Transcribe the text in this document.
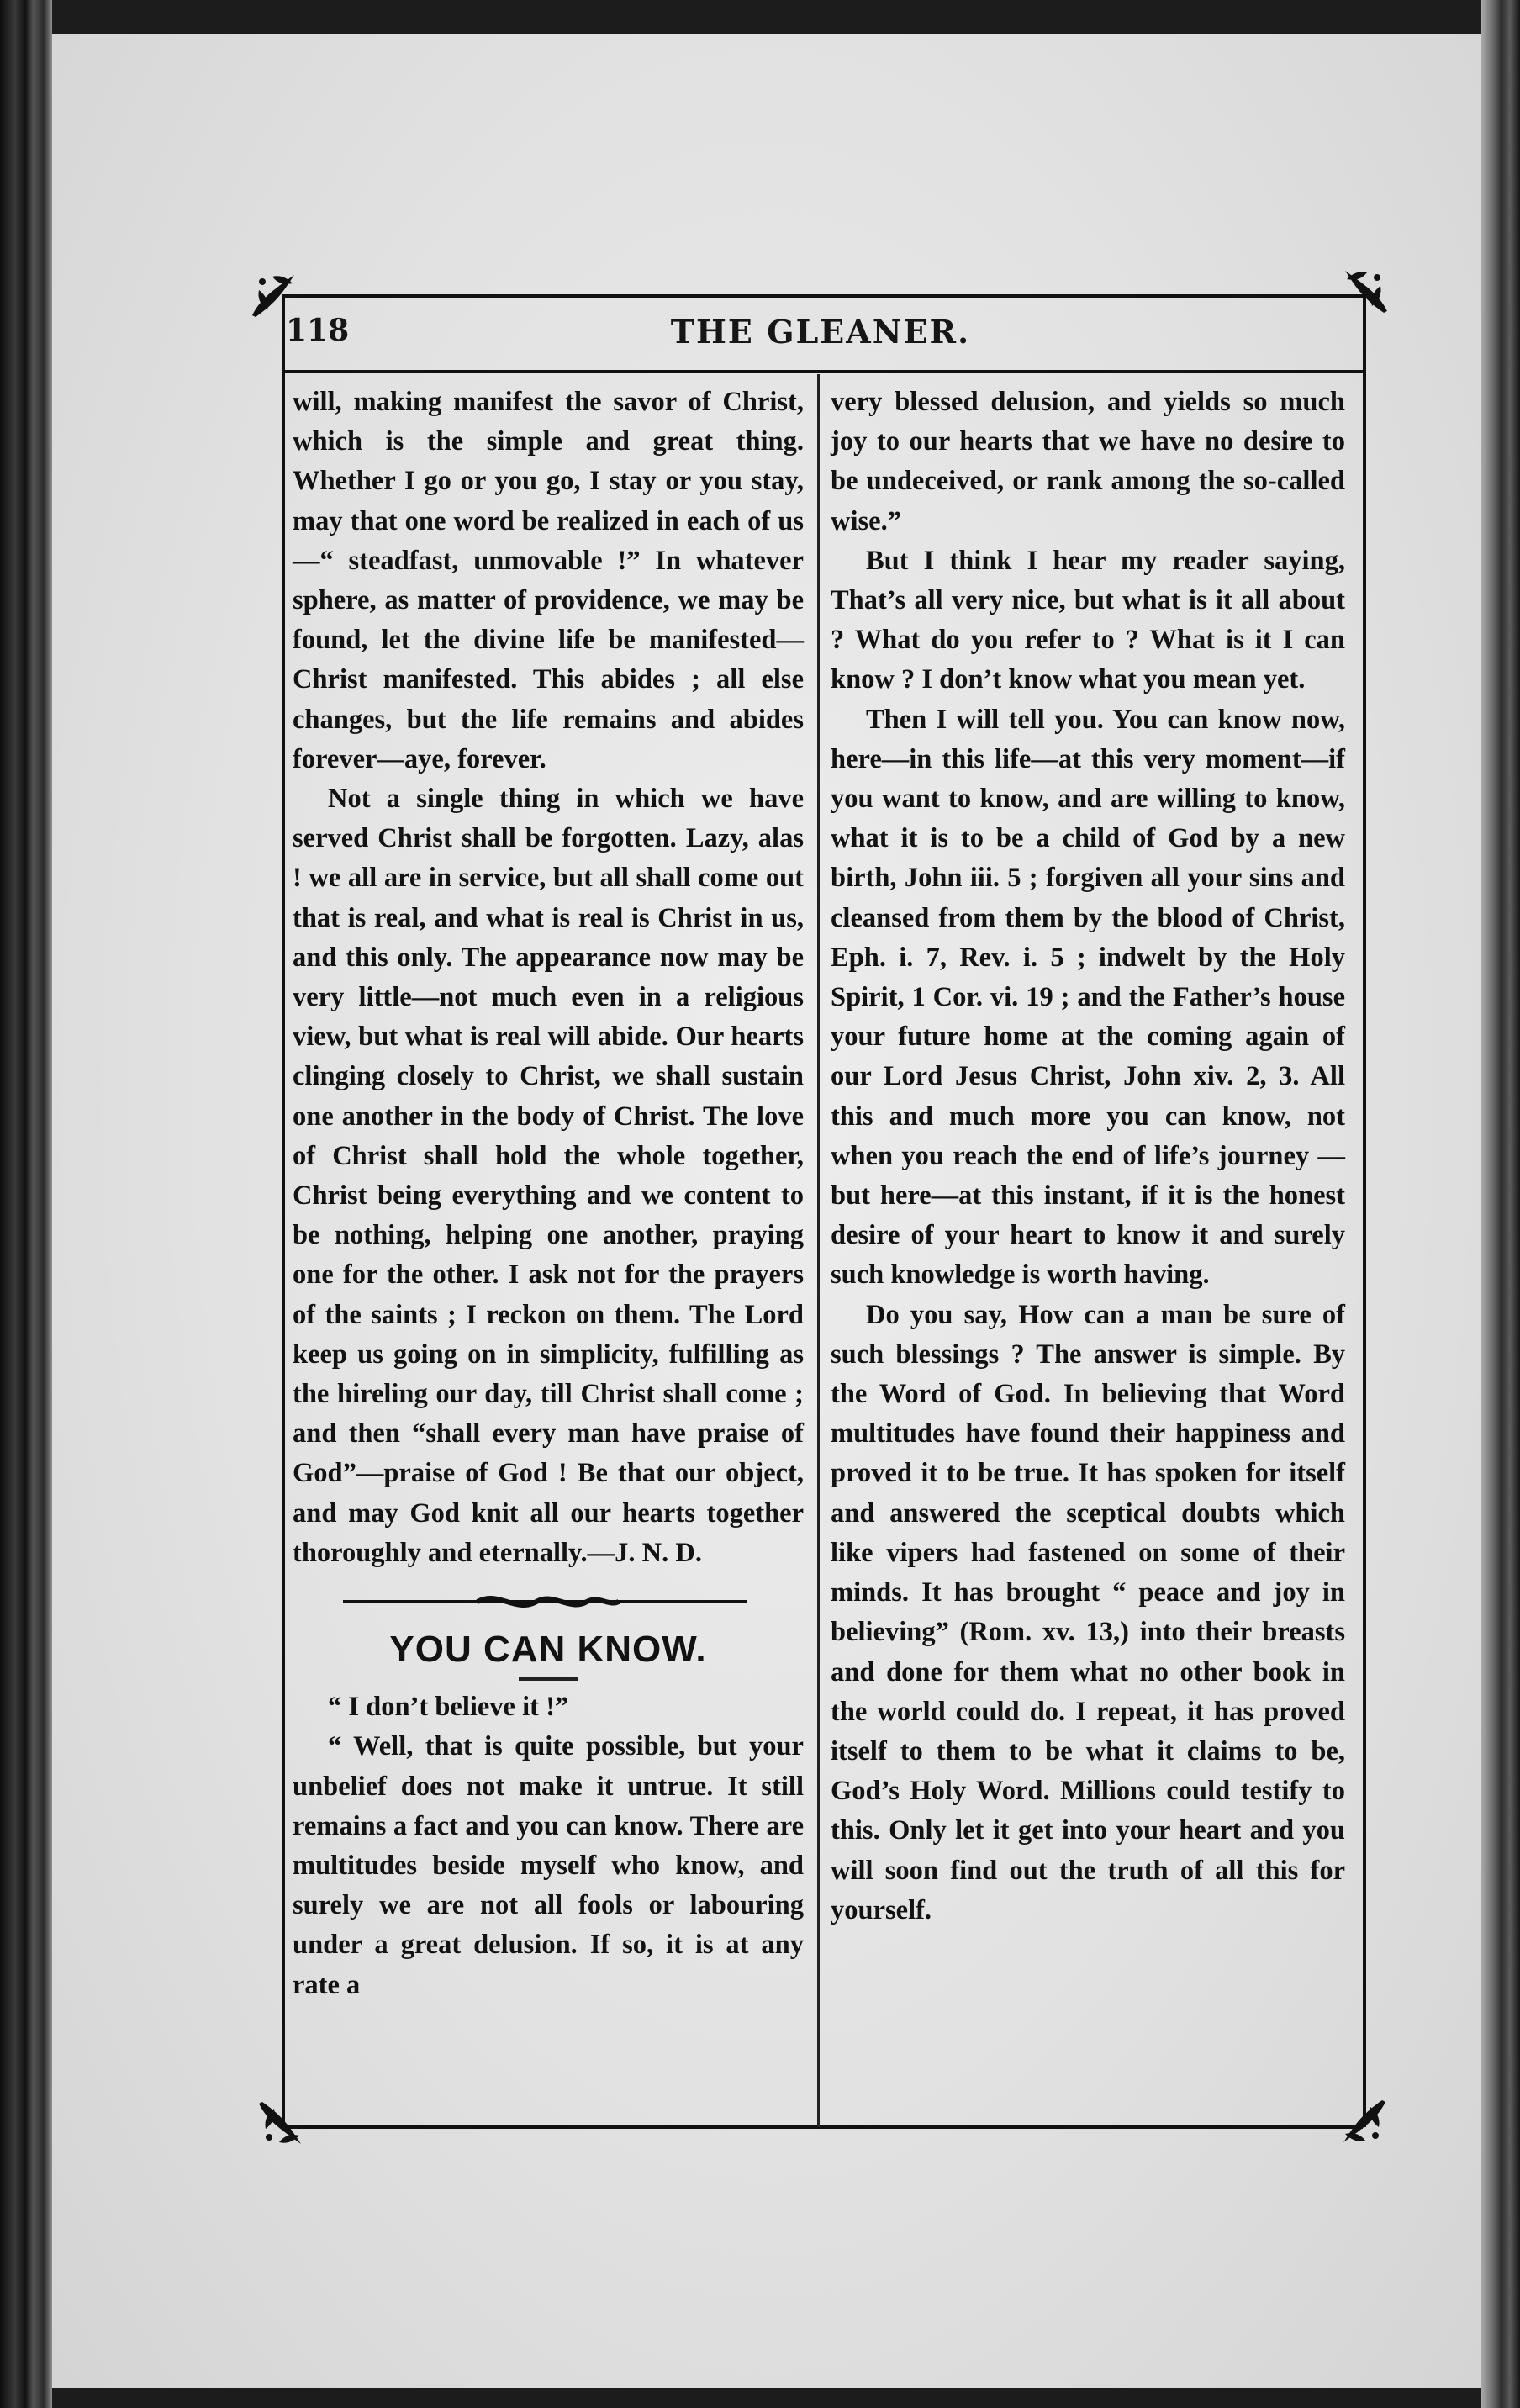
118	THE GLEANER.

will, making manifest the savor of Christ, which is the simple and great thing. Whether I go or you go, I stay or you stay, may that one word be realized in each of us—“ steadfast, unmovable !” In whatever sphere, as matter of providence, we may be found, let the divine life be manifested—Christ manifested. This abides ; all else changes, but the life remains and abides forever—aye, forever.

Not a single thing in which we have served Christ shall be forgotten. Lazy, alas ! we all are in service, but all shall come out that is real, and what is real is Christ in us, and this only. The appearance now may be very little—not much even in a religious view, but what is real will abide. Our hearts clinging closely to Christ, we shall sustain one another in the body of Christ. The love of Christ shall hold the whole together, Christ being everything and we content to be nothing, helping one another, praying one for the other. I ask not for the prayers of the saints ; I reckon on them. The Lord keep us going on in simplicity, fulfilling as the hireling our day, till Christ shall come ; and then “shall every man have praise of God”—praise of God ! Be that our object, and may God knit all our hearts together thoroughly and eternally.—J. N. D.

YOU CAN KNOW.

“ I don’t believe it !”

“ Well, that is quite possible, but your unbelief does not make it untrue. It still remains a fact and you can know. There are multitudes beside myself who know, and surely we are not all fools or labouring under a great delusion. If so, it is at any rate a

very blessed delusion, and yields so much joy to our hearts that we have no desire to be undeceived, or rank among the so-called wise.”

But I think I hear my reader saying, That’s all very nice, but what is it all about ? What do you refer to ? What is it I can know ? I don’t know what you mean yet.

Then I will tell you. You can know now, here—in this life—at this very moment—if you want to know, and are willing to know, what it is to be a child of God by a new birth, John iii. 5 ; forgiven all your sins and cleansed from them by the blood of Christ, Eph. i. 7, Rev. i. 5 ; indwelt by the Holy Spirit, 1 Cor. vi. 19 ; and the Father’s house your future home at the coming again of our Lord Jesus Christ, John xiv. 2, 3. All this and much more you can know, not when you reach the end of life’s journey —but here—at this instant, if it is the honest desire of your heart to know it and surely such knowledge is worth having.

Do you say, How can a man be sure of such blessings ? The answer is simple. By the Word of God. In believing that Word multitudes have found their happiness and proved it to be true. It has spoken for itself and answered the sceptical doubts which like vipers had fastened on some of their minds. It has brought “ peace and joy in believing” (Rom. xv. 13,) into their breasts and done for them what no other book in the world could do. I repeat, it has proved itself to them to be what it claims to be, God’s Holy Word. Millions could testify to this. Only let it get into your heart and you will soon find out the truth of all this for yourself.
